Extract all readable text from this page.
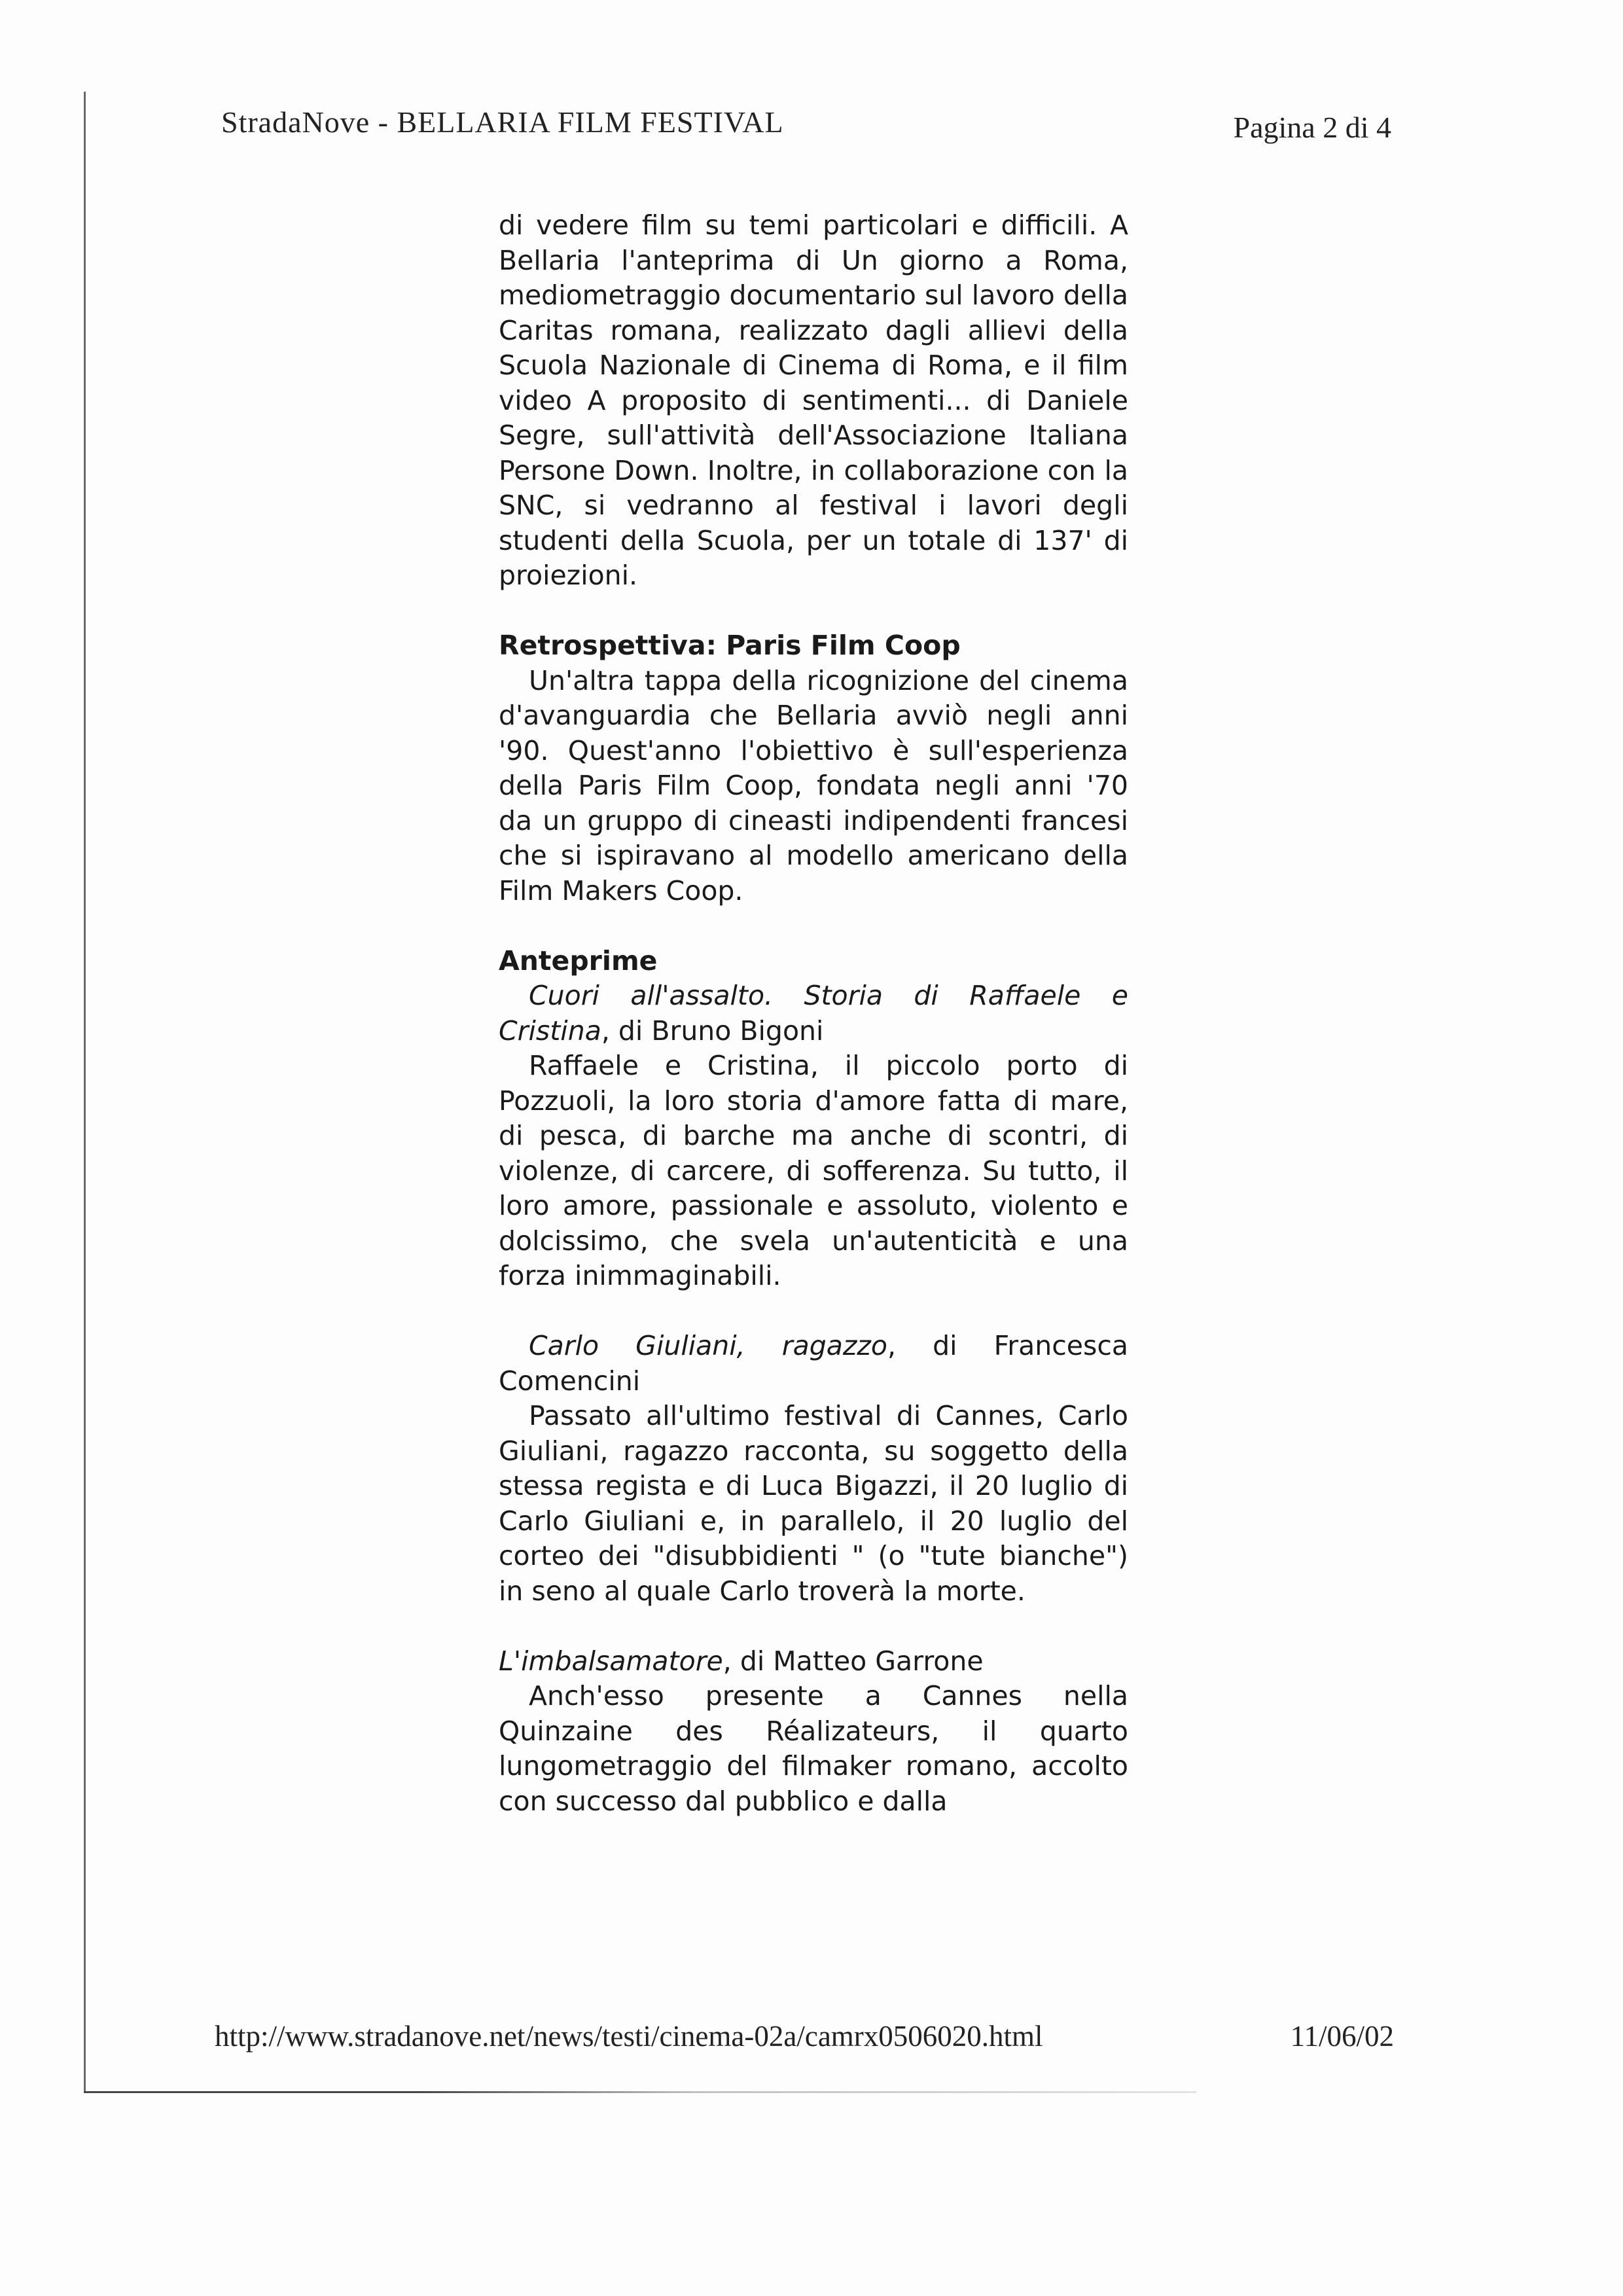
StradaNove - BELLARIA FILM FESTIVAL	Pagina 2 di 4

di vedere film su temi particolari e difficili. A Bellaria l'anteprima di Un giorno a Roma, mediometraggio documentario sul lavoro della Caritas romana, realizzato dagli allievi della Scuola Nazionale di Cinema di Roma, e il film video A proposito di sentimenti... di Daniele Segre, sull'attività dell'Associazione Italiana Persone Down. Inoltre, in collaborazione con la SNC, si vedranno al festival i lavori degli studenti della Scuola, per un totale di 137' di proiezioni.

Retrospettiva: Paris Film Coop

Un'altra tappa della ricognizione del cinema d'avanguardia che Bellaria avviò negli anni '90. Quest'anno l'obiettivo è sull'esperienza della Paris Film Coop, fondata negli anni '70 da un gruppo di cineasti indipendenti francesi che si ispiravano al modello americano della Film Makers Coop.

Anteprime

Cuori all'assalto. Storia di Raffaele e Cristina, di Bruno Bigoni

Raffaele e Cristina, il piccolo porto di Pozzuoli, la loro storia d'amore fatta di mare, di pesca, di barche ma anche di scontri, di violenze, di carcere, di sofferenza. Su tutto, il loro amore, passionale e assoluto, violento e dolcissimo, che svela un'autenticità e una forza inimmaginabili.

Carlo Giuliani, ragazzo, di Francesca Comencini

Passato all'ultimo festival di Cannes, Carlo Giuliani, ragazzo racconta, su soggetto della stessa regista e di Luca Bigazzi, il 20 luglio di Carlo Giuliani e, in parallelo, il 20 luglio del corteo dei "disubbidienti " (o "tute bianche") in seno al quale Carlo troverà la morte.

L'imbalsamatore, di Matteo Garrone

Anch'esso presente a Cannes nella Quinzaine des Réalizateurs, il quarto lungometraggio del filmaker romano, accolto con successo dal pubblico e dalla

http://www.stradanove.net/news/testi/cinema-02a/camrx0506020.html	11/06/02
